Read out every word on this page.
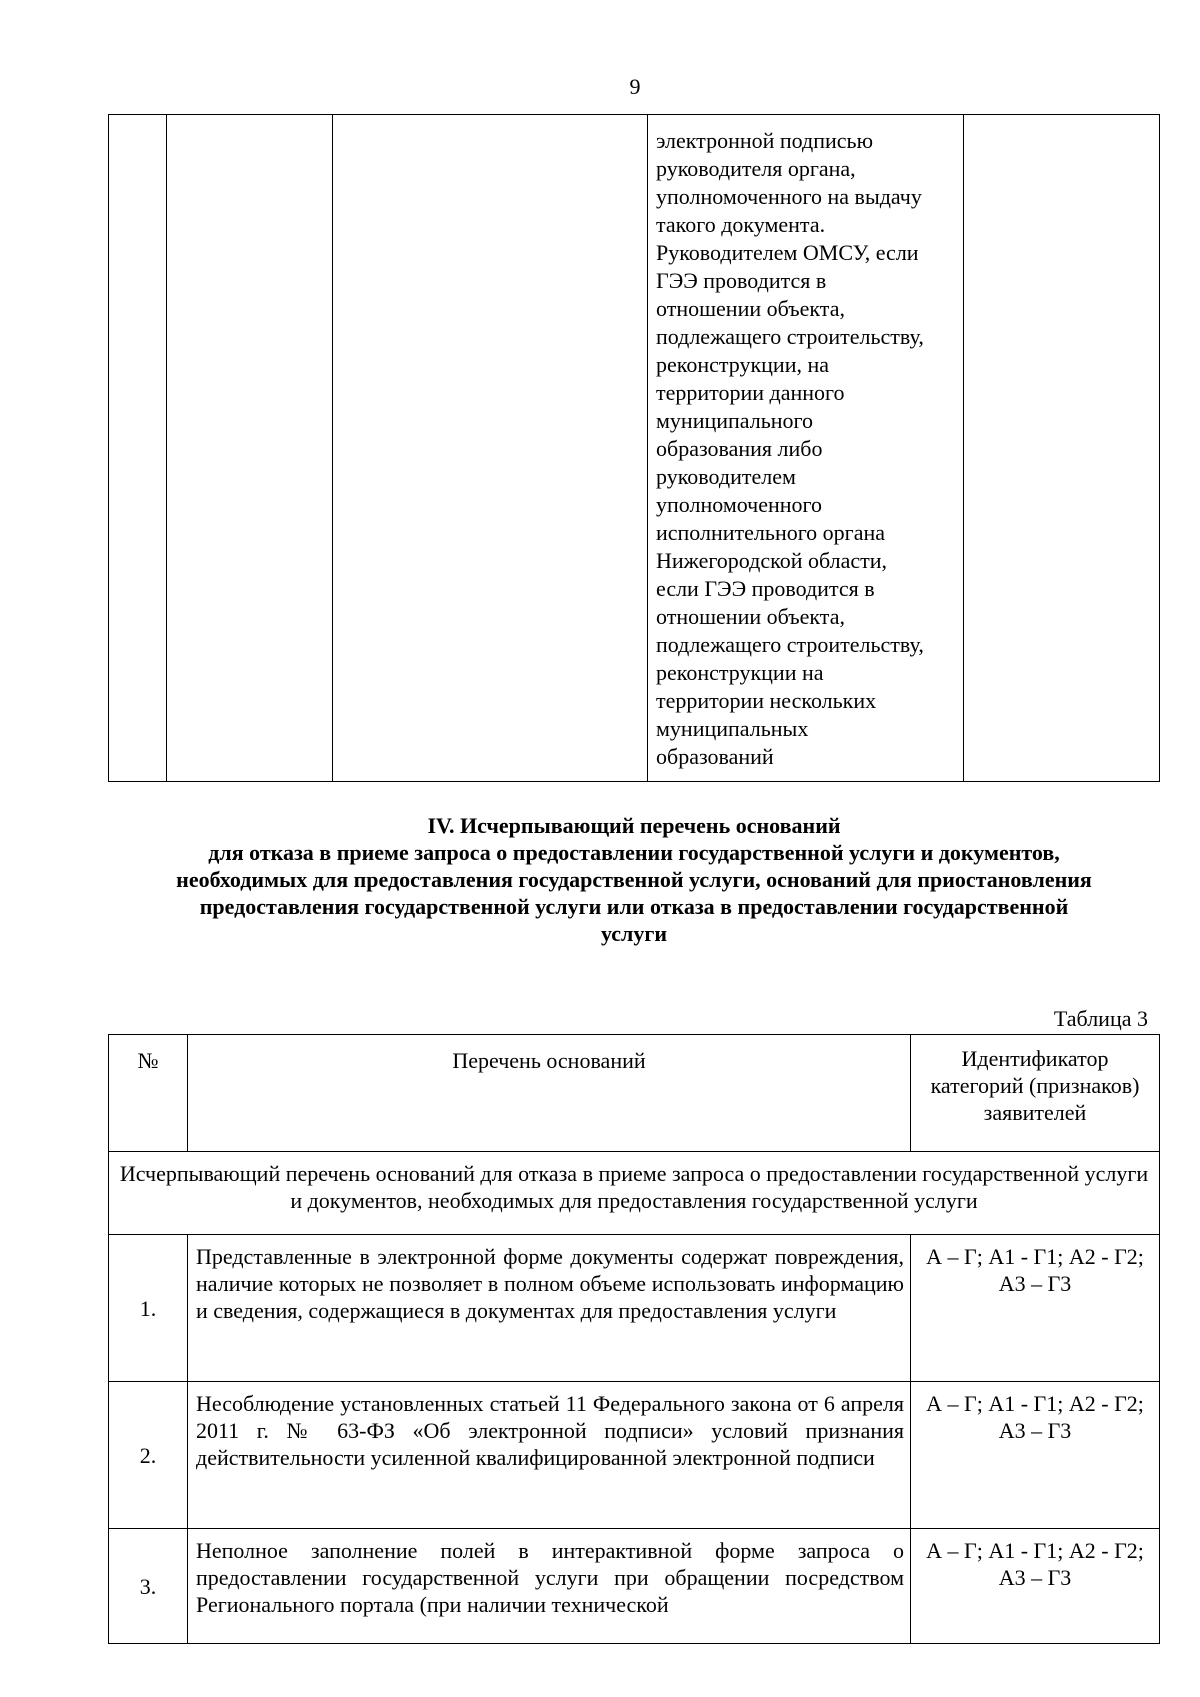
9

электронной подписью
руководителя органа,
уполномоченного на выдачу
такого документа.
Руководителем ОМСУ, если
ГЭЭ проводится в
отношении объекта,
подлежащего строительству,
реконструкции, на
территории данного
муниципального
образования либо
руководителем
уполномоченного
исполнительного органа
Нижегородской области,
если ГЭЭ проводится в
отношении объекта,
подлежащего строительству,
реконструкции на
территории нескольких
муниципальных
образований

IV. Исчерпывающий перечень оснований
для отказа в приеме запроса о предоставлении государственной услуги и документов,
необходимых для предоставления государственной услуги, оснований для приостановления
предоставления государственной услуги или отказа в предоставлении государственной
услуги
Таблица 3
№	Перечень оснований	Идентификатор категорий (признаков) заявителей
Исчерпывающий перечень оснований для отказа в приеме запроса о предоставлении государственной услуги и документов, необходимых для предоставления государственной услуги		
1.	Представленные в электронной форме документы содержат повреждения, наличие которых не позволяет в полном объеме использовать информацию и сведения, содержащиеся в документах для предоставления услуги	А – Г; А1 - Г1; А2 - Г2; А3 – Г3
2.	Несоблюдение установленных статьей 11 Федерального закона от 6 апреля 2011 г. № 63-ФЗ «Об электронной подписи» условий признания действительности усиленной квалифицированной электронной подписи	А – Г; А1 - Г1; А2 - Г2; А3 – Г3
3.	Неполное заполнение полей в интерактивной форме запроса о предоставлении государственной услуги при обращении посредством Регионального портала (при наличии технической	А – Г; А1 - Г1; А2 - Г2; А3 – Г3
